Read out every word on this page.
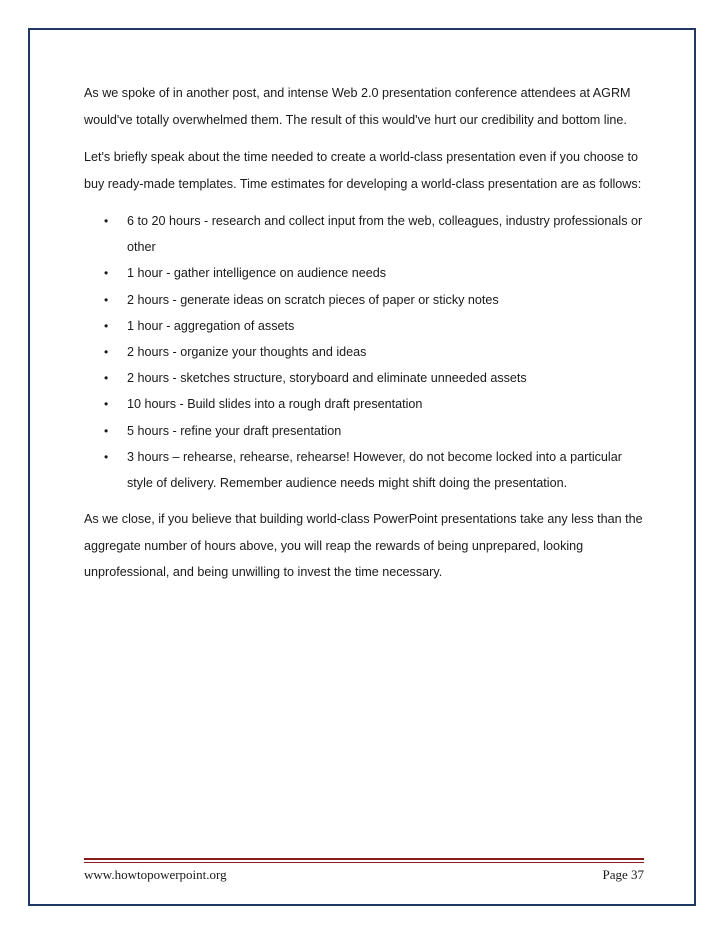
As we spoke of in another post, and intense Web 2.0 presentation conference attendees at AGRM would've totally overwhelmed them. The result of this would've hurt our credibility and bottom line.

Let's briefly speak about the time needed to create a world-class presentation even if you choose to buy ready-made templates. Time estimates for developing a world-class presentation are as follows:

• 6 to 20 hours - research and collect input from the web, colleagues, industry professionals or other
• 1 hour - gather intelligence on audience needs
• 2 hours - generate ideas on scratch pieces of paper or sticky notes
• 1 hour - aggregation of assets
• 2 hours - organize your thoughts and ideas
• 2 hours - sketches structure, storyboard and eliminate unneeded assets
• 10 hours - Build slides into a rough draft presentation
• 5 hours - refine your draft presentation
• 3 hours – rehearse, rehearse, rehearse! However, do not become locked into a particular style of delivery. Remember audience needs might shift doing the presentation.

As we close, if you believe that building world-class PowerPoint presentations take any less than the aggregate number of hours above, you will reap the rewards of being unprepared, looking unprofessional, and being unwilling to invest the time necessary.

www.howtopowerpoint.org	Page 37
